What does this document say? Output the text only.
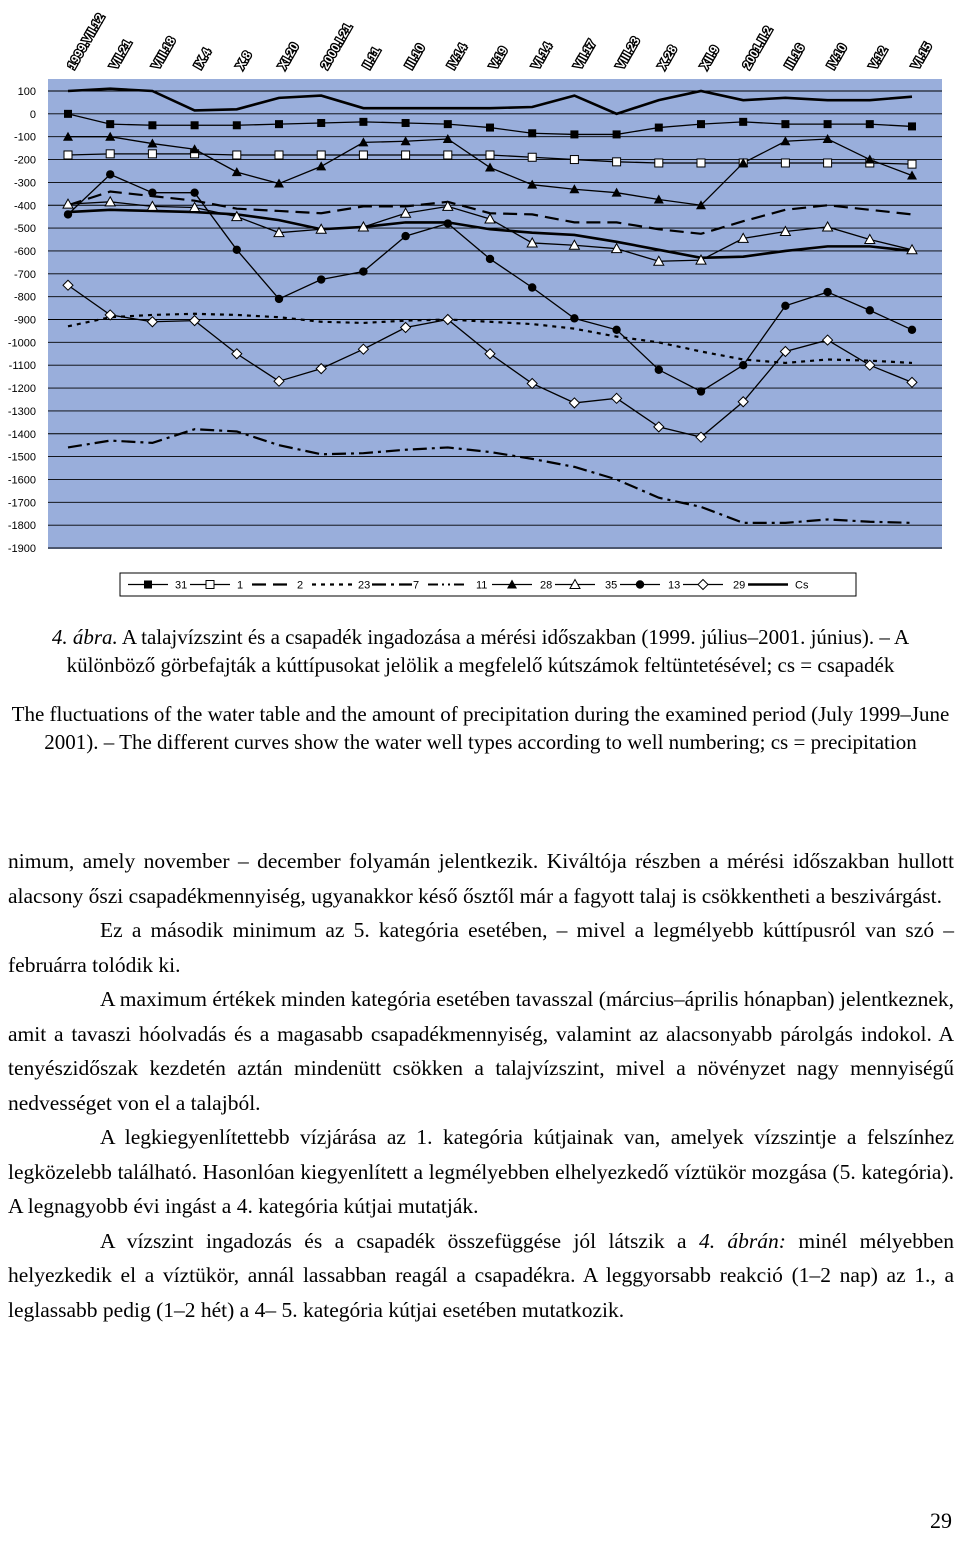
100
0
-100
-200
-300
-400
-500
-600
-700
-800
-900
-1000
-1100
-1200
-1300
-1400
-1500
-1600
-1700
-1800
-1900
1999.VII.12 VII.21 VIII.18 IX.4 X.8 XI.20 2000.I.21 II.11 III.10 IV.14 V.19 VI.14 VII.17 VIII.23 X.28 XII.9 2001.II.2 III.16 IV.10 V.12 VI.15
31	1	2	23	7	11	28	35	13	29	Cs
4. ábra. A talajvízszint és a csapadék ingadozása a mérési időszakban (1999. július–2001. június). – A különböző görbefajták a kúttípusokat jelölik a megfelelő kútszámok feltüntetésével; cs = csapadék
The fluctuations of the water table and the amount of precipitation during the examined period (July 1999–June 2001). – The different curves show the water well types according to well numbering; cs = precipitation

nimum, amely november – december folyamán jelentkezik. Kiváltója részben a mérési időszakban hullott alacsony őszi csapadékmennyiség, ugyanakkor késő ősztől már a fagyott talaj is csökkentheti a beszivárgást.

Ez a második minimum az 5. kategória esetében, – mivel a legmélyebb kúttípusról van szó – februárra tolódik ki.

A maximum értékek minden kategória esetében tavasszal (március–április hónapban) jelentkeznek, amit a tavaszi hóolvadás és a magasabb csapadékmennyiség, valamint az alacsonyabb párolgás indokol. A tenyészidőszak kezdetén aztán mindenütt csökken a talajvízszint, mivel a növényzet nagy mennyiségű nedvességet von el a talajból.

A legkiegyenlítettebb vízjárása az 1. kategória kútjainak van, amelyek vízszintje a felszínhez legközelebb található. Hasonlóan kiegyenlített a legmélyebben elhelyezkedő víztükör mozgása (5. kategória). A legnagyobb évi ingást a 4. kategória kútjai mutatják.

A vízszint ingadozás és a csapadék összefüggése jól látszik a 4. ábrán: minél mélyebben helyezkedik el a víztükör, annál lassabban reagál a csapadékra. A leggyorsabb reakció (1–2 nap) az 1., a leglassabb pedig (1–2 hét) a 4– 5. kategória kútjai esetében mutatkozik.

29
